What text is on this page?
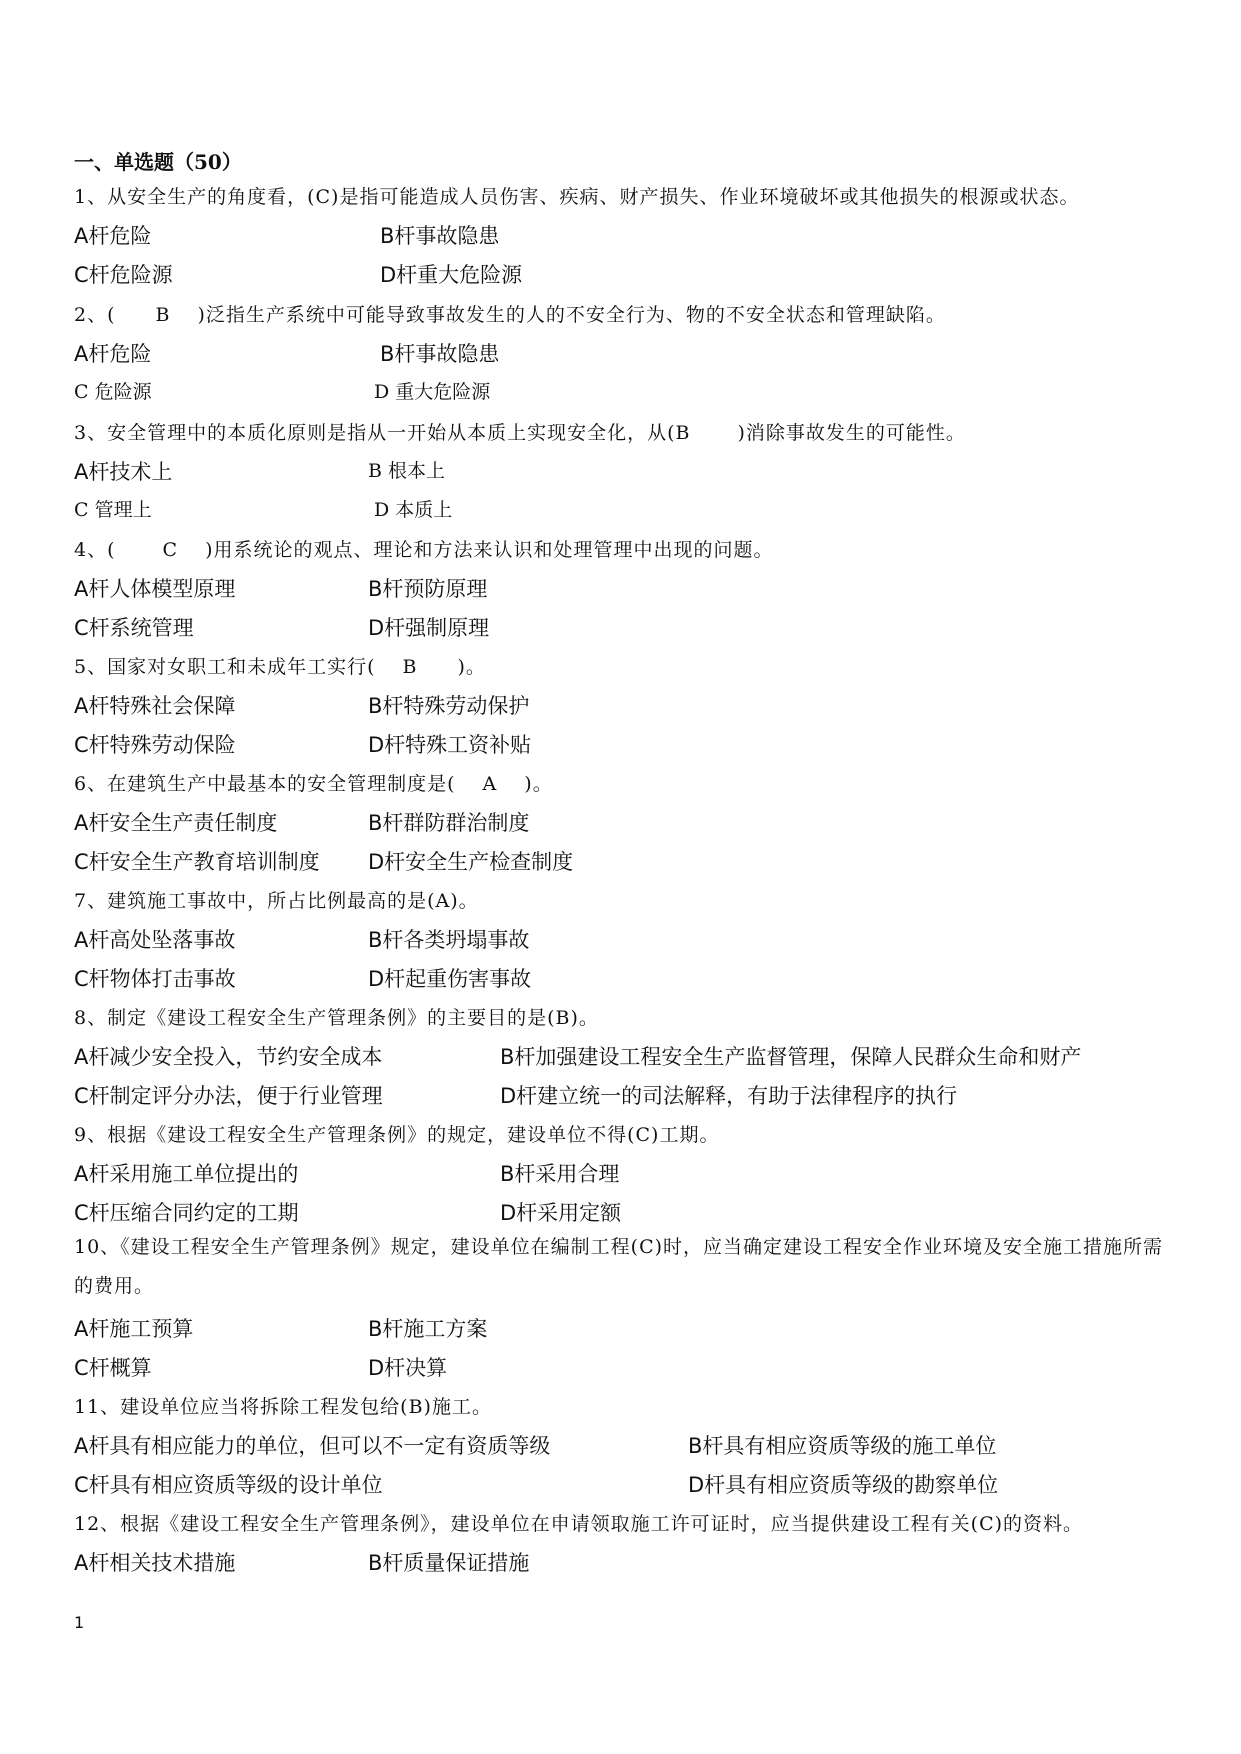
一、单选题（50）
1、从安全生产的角度看，(C)是指可能造成人员伤害、疾病、财产损失、作业环境破坏或其他损失的根源或状态。
A杆危险	B杆事故隐患
C杆危险源	D杆重大危险源
2、(　　B　 )泛指生产系统中可能导致事故发生的人的不安全行为、物的不安全状态和管理缺陷。
A杆危险	B杆事故隐患
C 危险源	D 重大危险源
3、安全管理中的本质化原则是指从一开始从本质上实现安全化，从(B　　 )消除事故发生的可能性。
A杆技术上	B 根本上
C 管理上	D 本质上
4、(　　 C　 )用系统论的观点、理论和方法来认识和处理管理中出现的问题。
A杆人体模型原理	B杆预防原理
C杆系统管理	D杆强制原理
5、国家对女职工和未成年工实行(　 B　　)。
A杆特殊社会保障	B杆特殊劳动保护
C杆特殊劳动保险	D杆特殊工资补贴
6、在建筑生产中最基本的安全管理制度是(　 A　 )。
A杆安全生产责任制度	B杆群防群治制度
C杆安全生产教育培训制度 D杆安全生产检查制度
7、建筑施工事故中，所占比例最高的是(A)。
A杆高处坠落事故	B杆各类坍塌事故
C杆物体打击事故	D杆起重伤害事故
8、制定《建设工程安全生产管理条例》的主要目的是(B)。
A杆减少安全投入，节约安全成本	B杆加强建设工程安全生产监督管理，保障人民群众生命和财产
C杆制定评分办法，便于行业管理	D杆建立统一的司法解释，有助于法律程序的执行
9、根据《建设工程安全生产管理条例》的规定，建设单位不得(C)工期。
A杆采用施工单位提出的	B杆采用合理
C杆压缩合同约定的工期	D杆采用定额
10、《建设工程安全生产管理条例》规定，建设单位在编制工程(C)时，应当确定建设工程安全作业环境及安全施工措施所需的费用。
A杆施工预算	B杆施工方案
C杆概算	D杆决算
11、建设单位应当将拆除工程发包给(B)施工。
A杆具有相应能力的单位，但可以不一定有资质等级	B杆具有相应资质等级的施工单位
C杆具有相应资质等级的设计单位	D杆具有相应资质等级的勘察单位
12、根据《建设工程安全生产管理条例》，建设单位在申请领取施工许可证时，应当提供建设工程有关(C)的资料。
A杆相关技术措施	B杆质量保证措施
1
